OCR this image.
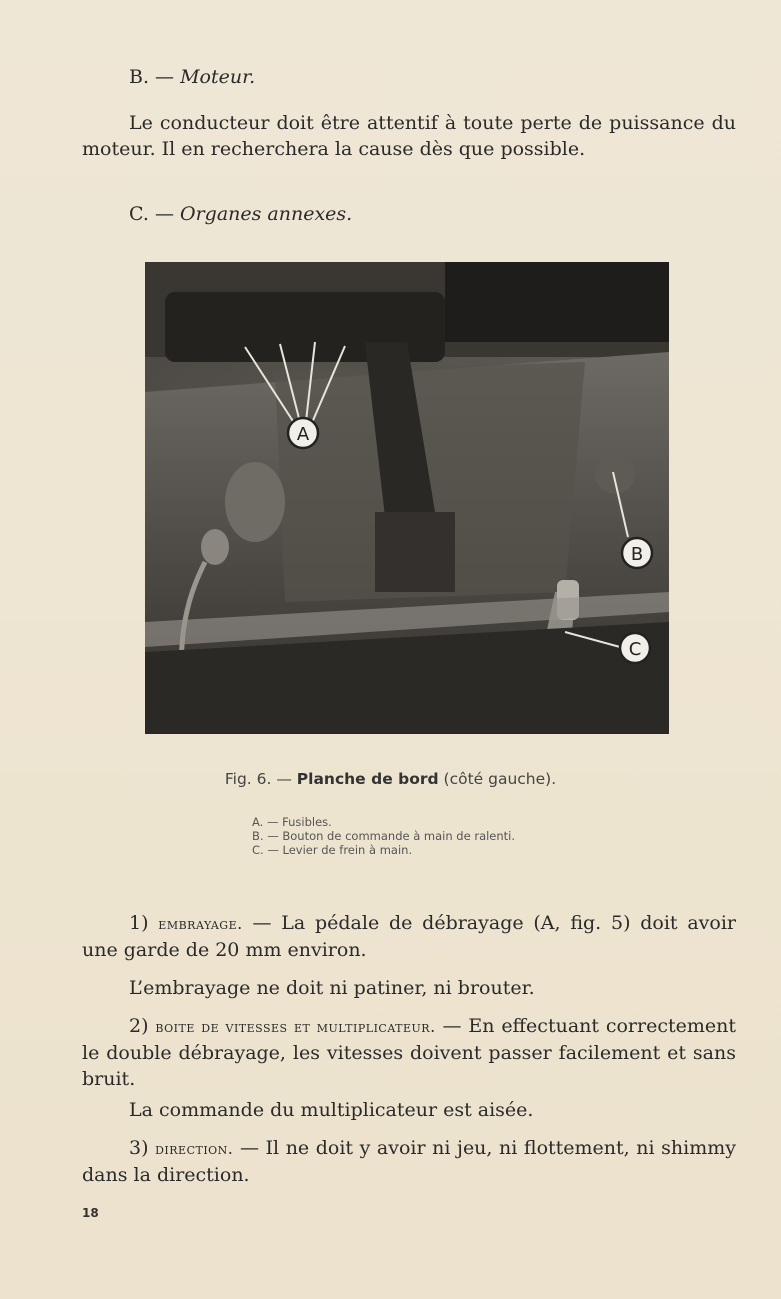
B. — Moteur.

Le conducteur doit être attentif à toute perte de puissance du moteur. Il en recherchera la cause dès que possible.

C. — Organes annexes.

A
B
C
Fig. 6. — Planche de bord (côté gauche).
A. — Fusibles.
B. — Bouton de commande à main de ralenti.
C. — Levier de frein à main.

1) embrayage. — La pédale de débrayage (A, fig. 5) doit avoir une garde de 20 mm environ.

L’embrayage ne doit ni patiner, ni brouter.

2) boite de vitesses et multiplicateur. — En effectuant correctement le double débrayage, les vitesses doivent passer facilement et sans bruit.

La commande du multiplicateur est aisée.

3) direction. — Il ne doit y avoir ni jeu, ni flottement, ni shimmy dans la direction.

18
